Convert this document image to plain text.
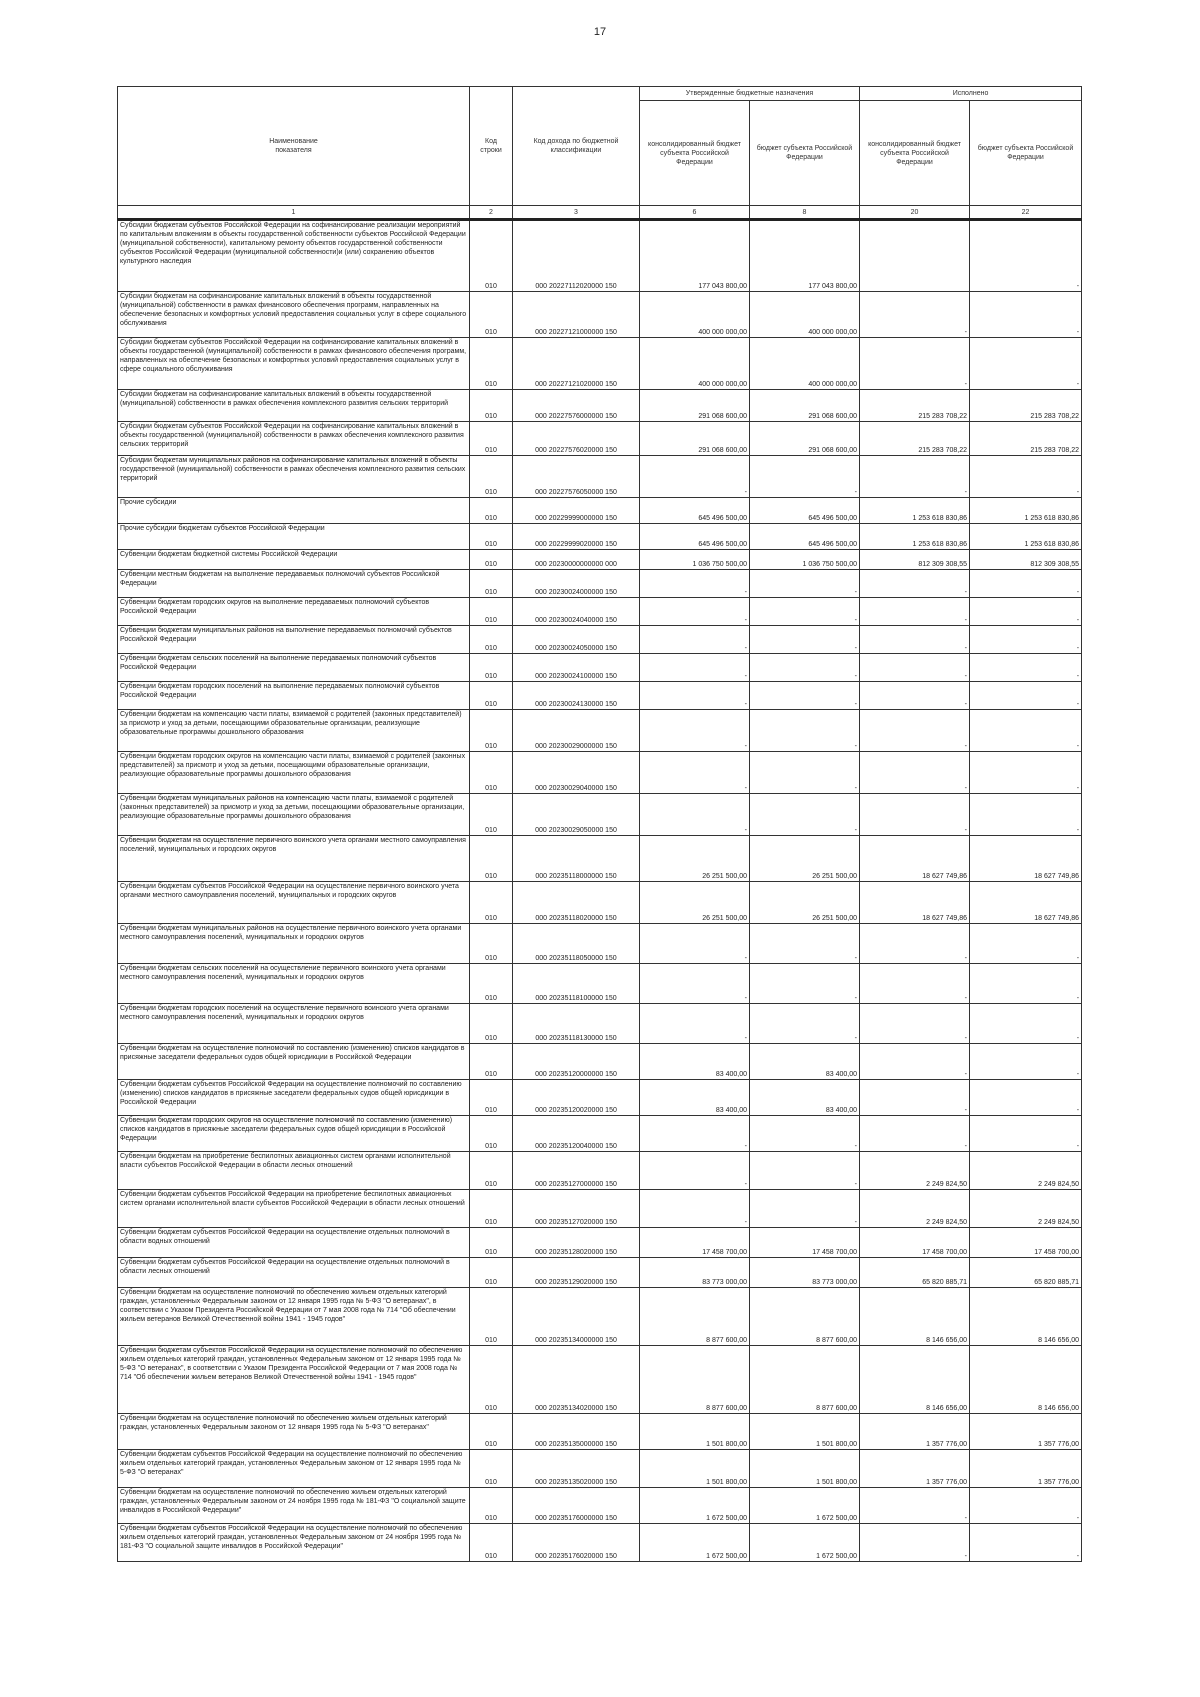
17
Наименование
показателя	Код
строки	Код дохода по бюджетной классификации	Утвержденные бюджетные назначения		Исполнено	
			консолидированный бюджет субъекта Российской Федерации	бюджет субъекта Российской Федерации	консолидированный бюджет субъекта Российской Федерации	бюджет субъекта Российской Федерации
1	2	3	6	8	20	22
Субсидии бюджетам субъектов Российской Федерации на софинансирование реализации мероприятий по капитальным вложениям в объекты государственной собственности субъектов Российской Федерации (муниципальной собственности), капитальному ремонту объектов государственной собственности субъектов Российской Федерации (муниципальной собственности)и (или) сохранению объектов культурного наследия	010	000 20227112020000 150	177 043 800,00	177 043 800,00		-
Субсидии бюджетам на софинансирование капитальных вложений в объекты государственной (муниципальной) собственности в рамках финансового обеспечения программ, направленных на обеспечение безопасных и комфортных условий предоставления социальных услуг в сфере социального обслуживания	010	000 20227121000000 150	400 000 000,00	400 000 000,00	-	-
Субсидии бюджетам субъектов Российской Федерации на софинансирование капитальных вложений в объекты государственной (муниципальной) собственности в рамках финансового обеспечения программ, направленных на обеспечение безопасных и комфортных условий предоставления социальных услуг в сфере социального обслуживания	010	000 20227121020000 150	400 000 000,00	400 000 000,00	-	-
Субсидии бюджетам на софинансирование капитальных вложений в объекты государственной (муниципальной) собственности в рамках обеспечения комплексного развития сельских территорий	010	000 20227576000000 150	291 068 600,00	291 068 600,00	215 283 708,22	215 283 708,22
Субсидии бюджетам субъектов Российской Федерации на софинансирование капитальных вложений в объекты государственной (муниципальной) собственности в рамках обеспечения комплексного развития сельских территорий	010	000 20227576020000 150	291 068 600,00	291 068 600,00	215 283 708,22	215 283 708,22
Субсидии бюджетам муниципальных районов на софинансирование капитальных вложений в объекты государственной (муниципальной) собственности в рамках обеспечения комплексного развития сельских территорий	010	000 20227576050000 150	-	-	-	-
Прочие субсидии	010	000 20229999000000 150	645 496 500,00	645 496 500,00	1 253 618 830,86	1 253 618 830,86
Прочие субсидии бюджетам субъектов Российской Федерации	010	000 20229999020000 150	645 496 500,00	645 496 500,00	1 253 618 830,86	1 253 618 830,86
Субвенции бюджетам бюджетной системы Российской Федерации	010	000 20230000000000 000	1 036 750 500,00	1 036 750 500,00	812 309 308,55	812 309 308,55
Субвенции местным бюджетам на выполнение передаваемых полномочий субъектов Российской Федерации	010	000 20230024000000 150	-	-	-	-
Субвенции бюджетам городских округов на выполнение передаваемых полномочий субъектов Российской Федерации	010	000 20230024040000 150	-	-	-	-
Субвенции бюджетам муниципальных районов на выполнение передаваемых полномочий субъектов Российской Федерации	010	000 20230024050000 150	-	-	-	-
Субвенции бюджетам сельских поселений на выполнение передаваемых полномочий субъектов Российской Федерации	010	000 20230024100000 150	-	-	-	-
Субвенции бюджетам городских поселений на выполнение передаваемых полномочий субъектов Российской Федерации	010	000 20230024130000 150	-	-	-	-
Субвенции бюджетам на компенсацию части платы, взимаемой с родителей (законных представителей) за присмотр и уход за детьми, посещающими образовательные организации, реализующие образовательные программы дошкольного образования	010	000 20230029000000 150	-	-	-	-
Субвенции бюджетам городских округов на компенсацию части платы, взимаемой с родителей (законных представителей) за присмотр и уход за детьми, посещающими образовательные организации, реализующие образовательные программы дошкольного образования	010	000 20230029040000 150	-	-	-	-
Субвенции бюджетам муниципальных районов на компенсацию части платы, взимаемой с родителей (законных представителей) за присмотр и уход за детьми, посещающими образовательные организации, реализующие образовательные программы дошкольного образования	010	000 20230029050000 150	-	-	-	-
Субвенции бюджетам на осуществление первичного воинского учета органами местного самоуправления поселений, муниципальных и городских округов	010	000 20235118000000 150	26 251 500,00	26 251 500,00	18 627 749,86	18 627 749,86
Субвенции бюджетам субъектов Российской Федерации на осуществление первичного воинского учета органами местного самоуправления поселений, муниципальных и городских округов	010	000 20235118020000 150	26 251 500,00	26 251 500,00	18 627 749,86	18 627 749,86
Субвенции бюджетам муниципальных районов на осуществление первичного воинского учета органами местного самоуправления поселений, муниципальных и городских округов	010	000 20235118050000 150	-	-	-	-
Субвенции бюджетам сельских поселений на осуществление первичного воинского учета органами местного самоуправления поселений, муниципальных и городских округов	010	000 20235118100000 150	-	-	-	-
Субвенции бюджетам городских поселений на осуществление первичного воинского учета органами местного самоуправления поселений, муниципальных и городских округов	010	000 20235118130000 150	-	-	-	-
Субвенции бюджетам на осуществление полномочий по составлению (изменению) списков кандидатов в присяжные заседатели федеральных судов общей юрисдикции в Российской Федерации	010	000 20235120000000 150	83 400,00	83 400,00	-	-
Субвенции бюджетам субъектов Российской Федерации на осуществление полномочий по составлению (изменению) списков кандидатов в присяжные заседатели федеральных судов общей юрисдикции в Российской Федерации	010	000 20235120020000 150	83 400,00	83 400,00	-	-
Субвенции бюджетам городских округов на осуществление полномочий по составлению (изменению) списков кандидатов в присяжные заседатели федеральных судов общей юрисдикции в Российской Федерации	010	000 20235120040000 150	-	-	-	-
Субвенции бюджетам на приобретение беспилотных авиационных систем органами исполнительной власти субъектов Российской Федерации в области лесных отношений	010	000 20235127000000 150	-	-	2 249 824,50	2 249 824,50
Субвенции бюджетам субъектов Российской Федерации на приобретение беспилотных авиационных систем органами исполнительной власти субъектов Российской Федерации в области лесных отношений	010	000 20235127020000 150	-	-	2 249 824,50	2 249 824,50
Субвенции бюджетам субъектов Российской Федерации на осуществление отдельных полномочий в области водных отношений	010	000 20235128020000 150	17 458 700,00	17 458 700,00	17 458 700,00	17 458 700,00
Субвенции бюджетам субъектов Российской Федерации на осуществление отдельных полномочий в области лесных отношений	010	000 20235129020000 150	83 773 000,00	83 773 000,00	65 820 885,71	65 820 885,71
Субвенции бюджетам на осуществление полномочий по обеспечению жильем отдельных категорий граждан, установленных Федеральным законом от 12 января 1995 года № 5-ФЗ "О ветеранах", в соответствии с Указом Президента Российской Федерации от 7 мая 2008 года № 714 "Об обеспечении жильем ветеранов Великой Отечественной войны 1941 - 1945 годов"	010	000 20235134000000 150	8 877 600,00	8 877 600,00	8 146 656,00	8 146 656,00
Субвенции бюджетам субъектов Российской Федерации на осуществление полномочий по обеспечению жильем отдельных категорий граждан, установленных Федеральным законом от 12 января 1995 года № 5-ФЗ "О ветеранах", в соответствии с Указом Президента Российской Федерации от 7 мая 2008 года № 714 "Об обеспечении жильем ветеранов Великой Отечественной войны 1941 - 1945 годов"	010	000 20235134020000 150	8 877 600,00	8 877 600,00	8 146 656,00	8 146 656,00
Субвенции бюджетам на осуществление полномочий по обеспечению жильем отдельных категорий граждан, установленных Федеральным законом от 12 января 1995 года № 5-ФЗ "О ветеранах"	010	000 20235135000000 150	1 501 800,00	1 501 800,00	1 357 776,00	1 357 776,00
Субвенции бюджетам субъектов Российской Федерации на осуществление полномочий по обеспечению жильем отдельных категорий граждан, установленных Федеральным законом от 12 января 1995 года № 5-ФЗ "О ветеранах"	010	000 20235135020000 150	1 501 800,00	1 501 800,00	1 357 776,00	1 357 776,00
Субвенции бюджетам на осуществление полномочий по обеспечению жильем отдельных категорий граждан, установленных Федеральным законом от 24 ноября 1995 года № 181-ФЗ "О социальной защите инвалидов в Российской Федерации"	010	000 20235176000000 150	1 672 500,00	1 672 500,00	-	-
Субвенции бюджетам субъектов Российской Федерации на осуществление полномочий по обеспечению жильем отдельных категорий граждан, установленных Федеральным законом от 24 ноября 1995 года № 181-ФЗ "О социальной защите инвалидов в Российской Федерации"	010	000 20235176020000 150	1 672 500,00	1 672 500,00	-	-
